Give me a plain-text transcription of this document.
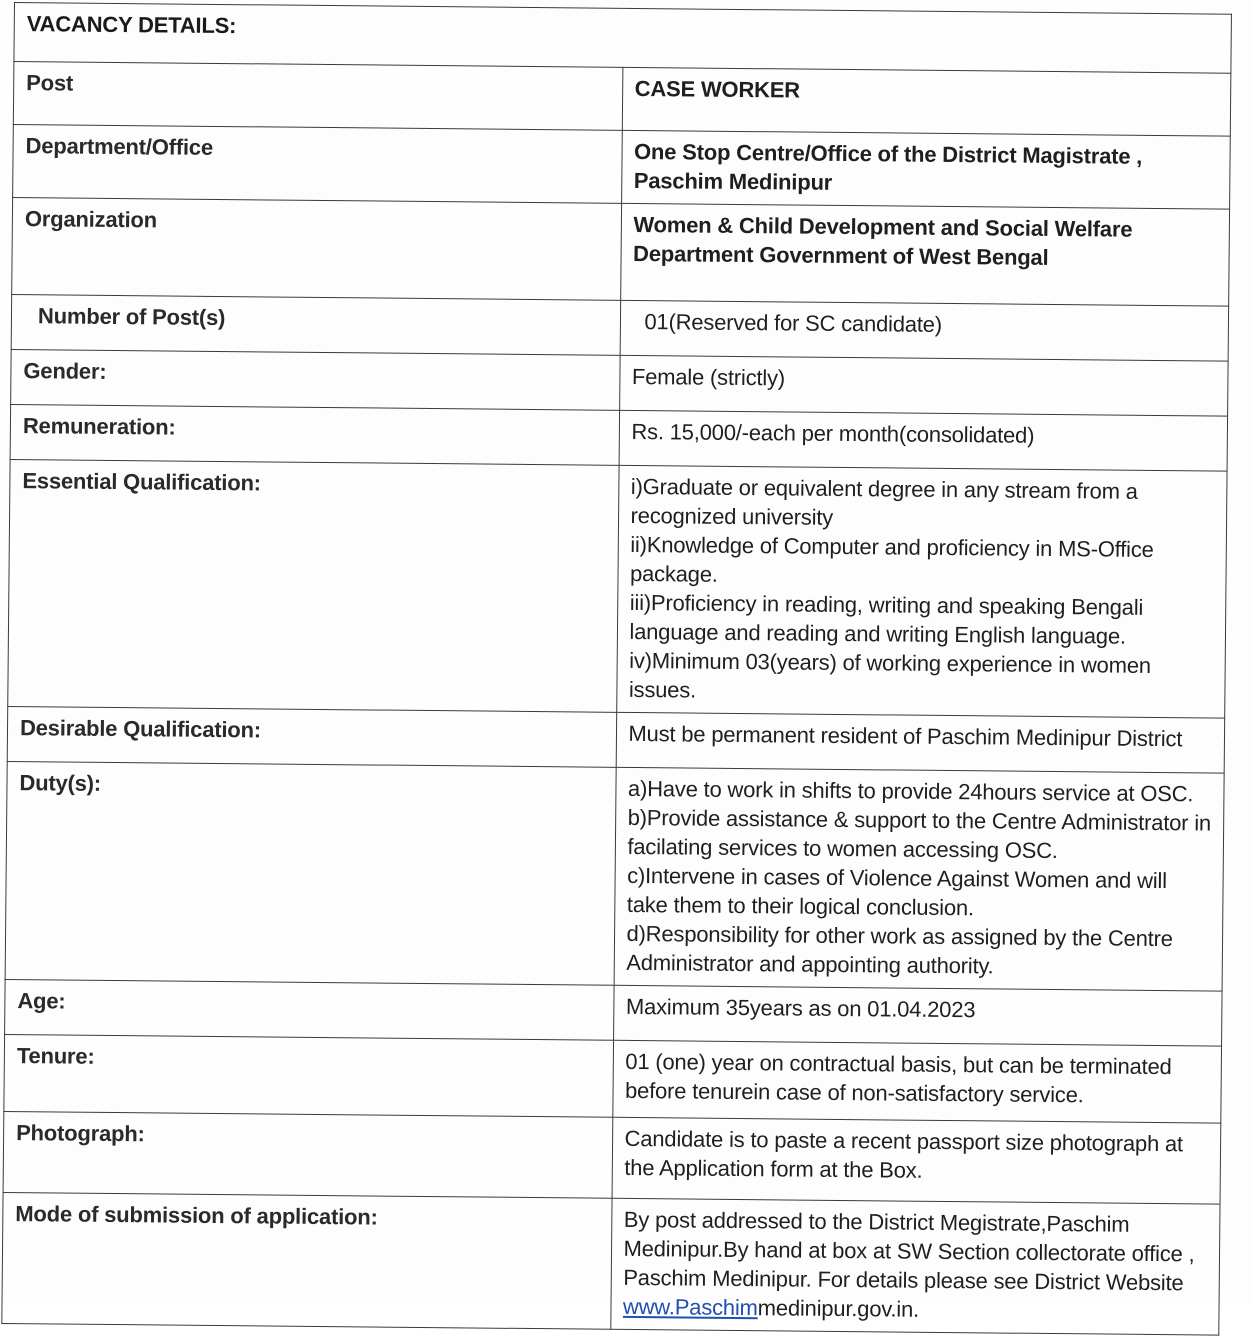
VACANCY DETAILS:	
Post	CASE WORKER
Department/Office	One Stop Centre/Office of the District Magistrate , Paschim Medinipur
Organization	Women & Child Development and Social Welfare Department Government of West Bengal
Number of Post(s)	01(Reserved for SC candidate)
Gender:	Female (strictly)
Remuneration:	Rs. 15,000/-each per month(consolidated)
Essential Qualification:	i)Graduate or equivalent degree in any stream from a recognized university
ii)Knowledge of Computer and proficiency in MS-Office package.
iii)Proficiency in reading, writing and speaking Bengali language and reading and writing English language.
iv)Minimum 03(years) of working experience in women issues.

Desirable Qualification:	Must be permanent resident of Paschim Medinipur District
Duty(s):	a)Have to work in shifts to provide 24hours service at OSC.
b)Provide assistance & support to the Centre Administrator in facilating services to women accessing OSC.
c)Intervene in cases of Violence Against Women and will take them to their logical conclusion.
d)Responsibility for other work as assigned by the Centre Administrator and appointing authority.

Age:	Maximum 35years as on 01.04.2023
Tenure:	01 (one) year on contractual basis, but can be terminated before tenurein case of non-satisfactory service.
Photograph:	Candidate is to paste a recent passport size photograph at the Application form at the Box.
Mode of submission of application:	By post addressed to the District Megistrate,Paschim Medinipur.By hand at box at SW Section collectorate office , Paschim Medinipur. For details please see District Website www.Paschimmedinipur.gov.in.
